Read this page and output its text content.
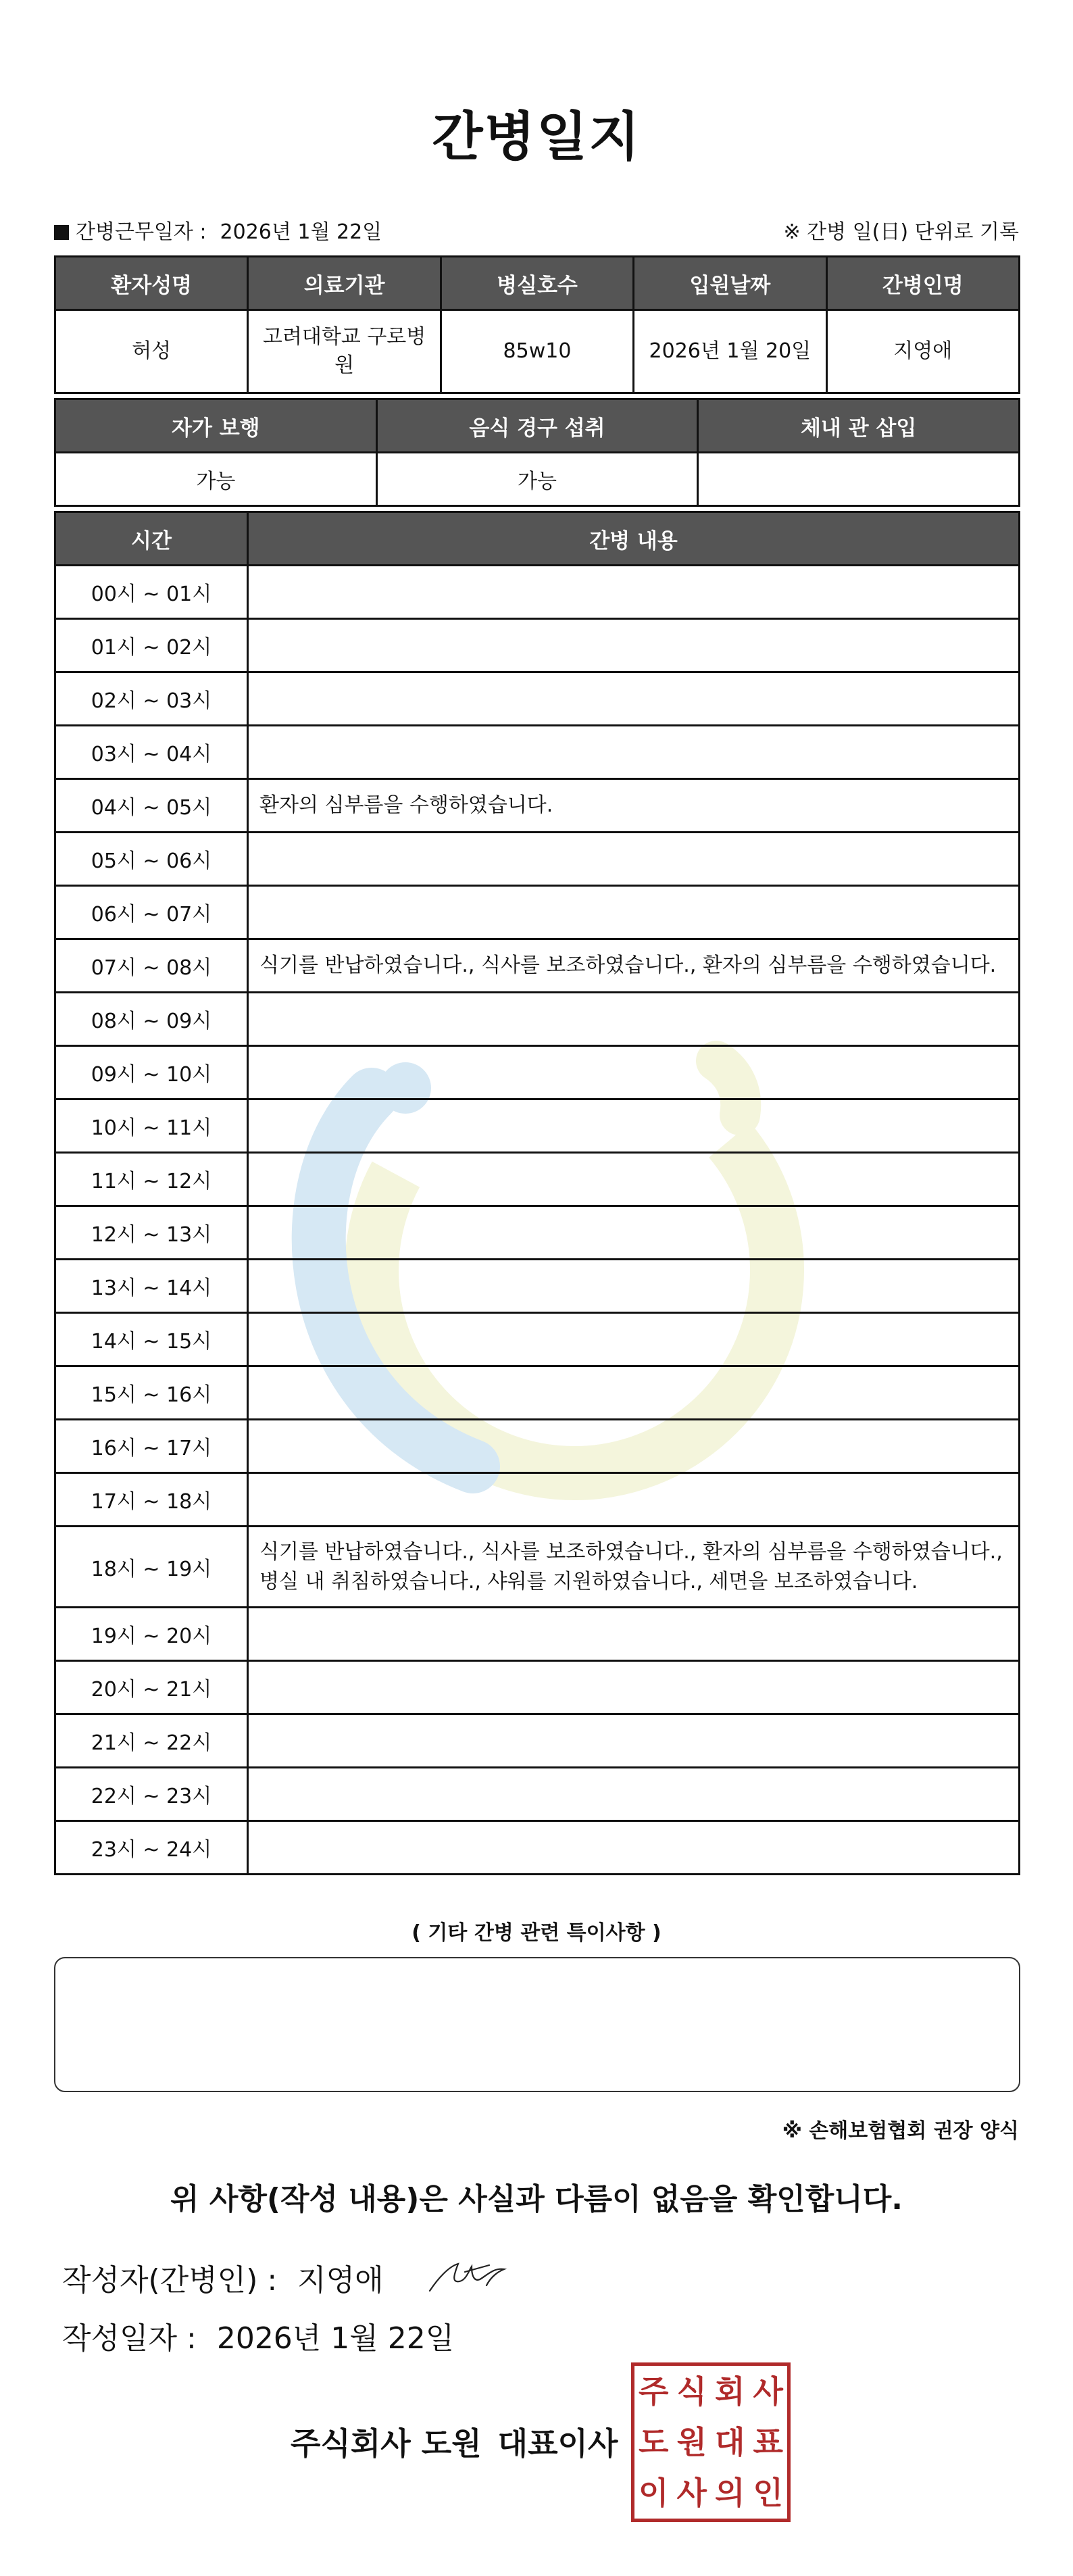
간병일지
간병근무일자 : 2026년 1월 22일	※ 간병 일(日) 단위로 기록
환자성명	의료기관	병실호수	입원날짜	간병인명
허성	고려대학교 구로병원	85w10	2026년 1월 20일	지영애
자가 보행	음식 경구 섭취	체내 관 삽입
가능	가능	
시간	간병 내용
00시 ~ 01시	
01시 ~ 02시	
02시 ~ 03시	
03시 ~ 04시	
04시 ~ 05시	환자의 심부름을 수행하였습니다.
05시 ~ 06시	
06시 ~ 07시	
07시 ~ 08시	식기를 반납하였습니다., 식사를 보조하였습니다., 환자의 심부름을 수행하였습니다.
08시 ~ 09시	
09시 ~ 10시	
10시 ~ 11시	
11시 ~ 12시	
12시 ~ 13시	
13시 ~ 14시	
14시 ~ 15시	
15시 ~ 16시	
16시 ~ 17시	
17시 ~ 18시	
18시 ~ 19시	식기를 반납하였습니다., 식사를 보조하였습니다., 환자의 심부름을 수행하였습니다., 병실 내 취침하였습니다., 샤워를 지원하였습니다., 세면을 보조하였습니다.
19시 ~ 20시	
20시 ~ 21시	
21시 ~ 22시	
22시 ~ 23시	
23시 ~ 24시	
( 기타 간병 관련 특이사항 )
※ 손해보험협회 권장 양식
위 사항(작성 내용)은 사실과 다름이 없음을 확인합니다.
작성자(간병인) : 지영애
작성일자 : 2026년 1월 22일
주식회사 도원 대표이사
주 식 회 사
도 원 대 표
이 사 의 인
